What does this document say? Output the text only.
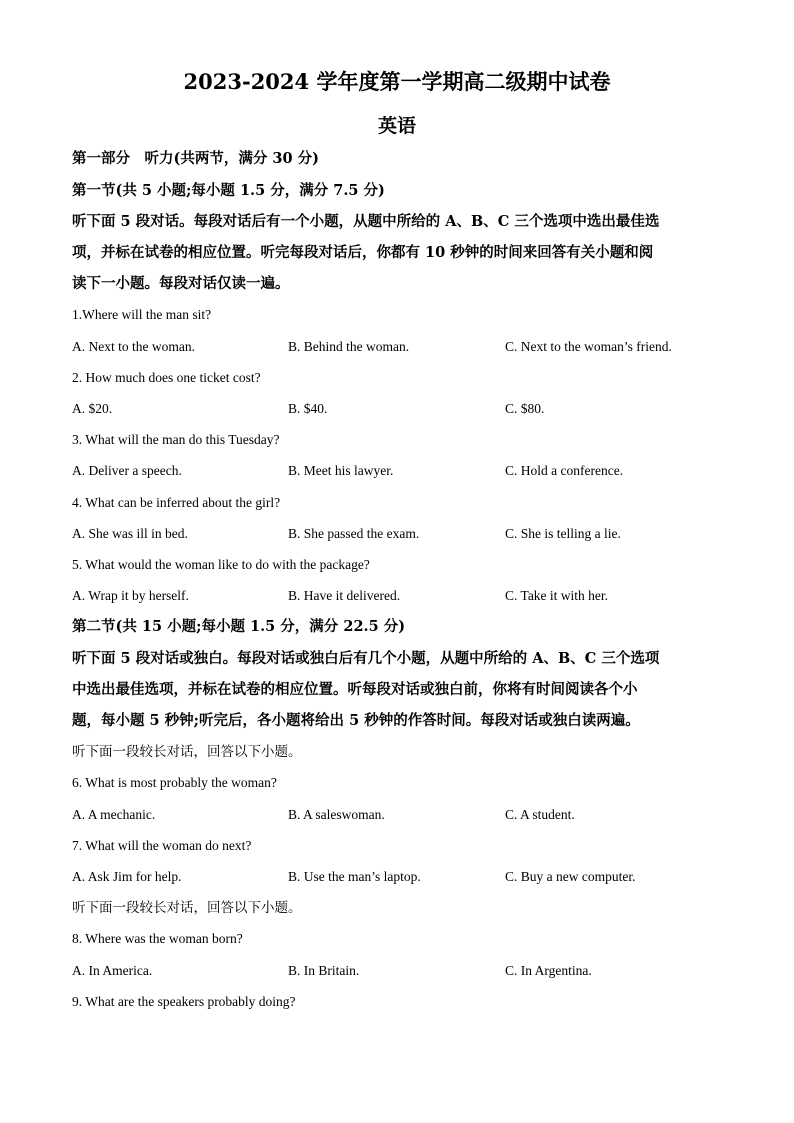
2023-2024 学年度第一学期高二级期中试卷
英语
第一部分　听力(共两节，满分 30 分)
第一节(共 5 小题;每小题 1.5 分，满分 7.5 分)
听下面 5 段对话。每段对话后有一个小题，从题中所给的 A、B、C 三个选项中选出最佳选
项，并标在试卷的相应位置。听完每段对话后，你都有 10 秒钟的时间来回答有关小题和阅
读下一小题。每段对话仅读一遍。
1.Where will the man sit?
A. Next to the woman.	B. Behind the woman.	C. Next to the woman’s friend.
2. How much does one ticket cost?
A. $20.	B. $40.	C. $80.
3. What will the man do this Tuesday?
A. Deliver a speech.	B. Meet his lawyer.	C. Hold a conference.
4. What can be inferred about the girl?
A. She was ill in bed.	B. She passed the exam.	C. She is telling a lie.
5. What would the woman like to do with the package?
A. Wrap it by herself.	B. Have it delivered.	C. Take it with her.
第二节(共 15 小题;每小题 1.5 分，满分 22.5 分)
听下面 5 段对话或独白。每段对话或独白后有几个小题，从题中所给的 A、B、C 三个选项
中选出最佳选项，并标在试卷的相应位置。听每段对话或独白前，你将有时间阅读各个小
题，每小题 5 秒钟;听完后，各小题将给出 5 秒钟的作答时间。每段对话或独白读两遍。
听下面一段较长对话，回答以下小题。
6. What is most probably the woman?
A. A mechanic.	B. A saleswoman.	C. A student.
7. What will the woman do next?
A. Ask Jim for help.	B. Use the man’s laptop.	C. Buy a new computer.
听下面一段较长对话，回答以下小题。
8. Where was the woman born?
A. In America.	B. In Britain.	C. In Argentina.
9. What are the speakers probably doing?
